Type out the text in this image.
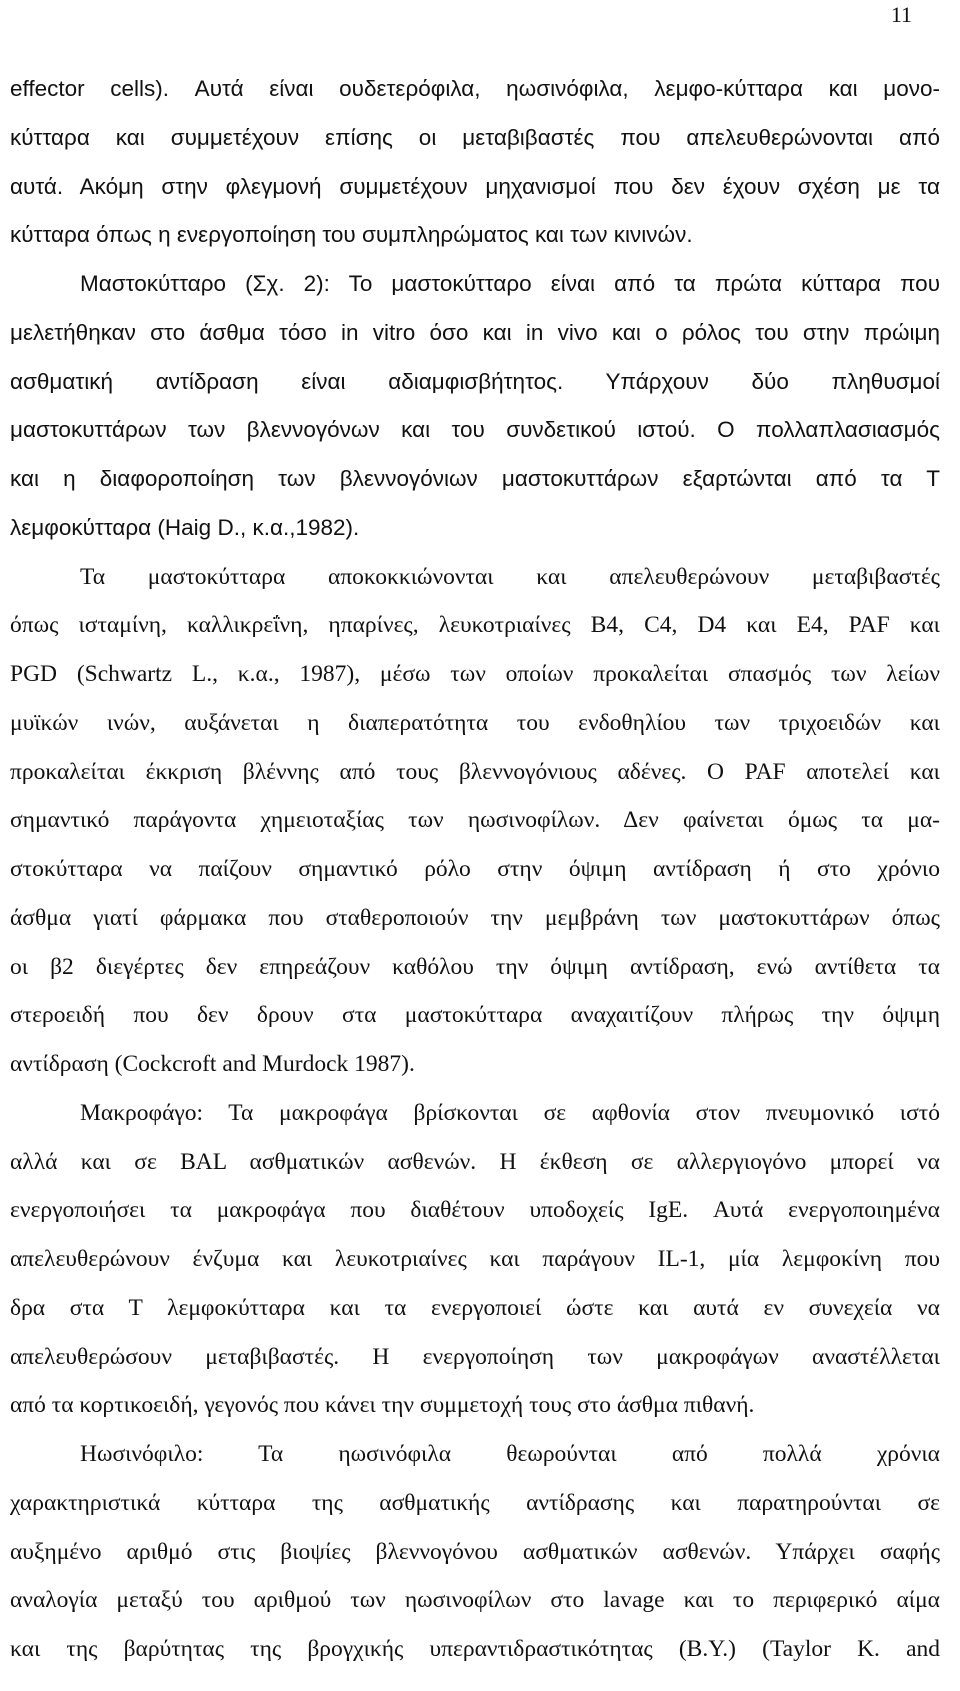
11
effector cells). Αυτά είναι ουδετερόφιλα, ηωσινόφιλα, λεμφο-κύτταρα και μονο-
κύτταρα και συμμετέχουν επίσης οι μεταβιβαστές που απελευθερώνονται από
αυτά. Ακόμη στην φλεγμονή συμμετέχουν μηχανισμοί που δεν έχουν σχέση με τα
κύτταρα όπως η ενεργοποίηση του συμπληρώματος και των κινινών.
Μαστοκύτταρο (Σχ. 2): Το μαστοκύτταρο είναι από τα πρώτα κύτταρα που
μελετήθηκαν στο άσθμα τόσο in vitro όσο και in vivo και ο ρόλος του στην πρώιμη
ασθματική αντίδραση είναι αδιαμφισβήτητος. Υπάρχουν δύο πληθυσμοί
μαστοκυττάρων των βλεννογόνων και του συνδετικού ιστού. Ο πολλαπλασιασμός
και η διαφοροποίηση των βλεννογόνιων μαστοκυττάρων εξαρτώνται από τα Τ
λεμφοκύτταρα (Haig D., κ.α.,1982).
Τα μαστοκύτταρα αποκοκκιώνονται και απελευθερώνουν μεταβιβαστές
όπως ισταμίνη, καλλικρεΐνη, ηπαρίνες, λευκοτριαίνες B4, C4, D4 και E4, PAF και
PGD (Schwartz L., κ.α., 1987), μέσω των οποίων προκαλείται σπασμός των λείων
μυϊκών ινών, αυξάνεται η διαπερατότητα του ενδοθηλίου των τριχοειδών και
προκαλείται έκκριση βλέννης από τους βλεννογόνιους αδένες. Ο PAF αποτελεί και
σημαντικό παράγοντα χημειοταξίας των ηωσινοφίλων. Δεν φαίνεται όμως τα μα-
στοκύτταρα να παίζουν σημαντικό ρόλο στην όψιμη αντίδραση ή στο χρόνιο
άσθμα γιατί φάρμακα που σταθεροποιούν την μεμβράνη των μαστοκυττάρων όπως
οι β2 διεγέρτες δεν επηρεάζουν καθόλου την όψιμη αντίδραση, ενώ αντίθετα τα
στεροειδή που δεν δρουν στα μαστοκύτταρα αναχαιτίζουν πλήρως την όψιμη
αντίδραση (Cockcroft and Murdock 1987).
Μακροφάγο: Τα μακροφάγα βρίσκονται σε αφθονία στον πνευμονικό ιστό
αλλά και σε BAL ασθματικών ασθενών. Η έκθεση σε αλλεργιογόνο μπορεί να
ενεργοποιήσει τα μακροφάγα που διαθέτουν υποδοχείς IgE. Αυτά ενεργοποιημένα
απελευθερώνουν ένζυμα και λευκοτριαίνες και παράγουν IL-1, μία λεμφοκίνη που
δρα στα Τ λεμφοκύτταρα και τα ενεργοποιεί ώστε και αυτά εν συνεχεία να
απελευθερώσουν μεταβιβαστές. Η ενεργοποίηση των μακροφάγων αναστέλλεται
από τα κορτικοειδή, γεγονός που κάνει την συμμετοχή τους στο άσθμα πιθανή.
Ηωσινόφιλο: Τα ηωσινόφιλα θεωρούνται από πολλά χρόνια
χαρακτηριστικά κύτταρα της ασθματικής αντίδρασης και παρατηρούνται σε
αυξημένο αριθμό στις βιοψίες βλεννογόνου ασθματικών ασθενών. Υπάρχει σαφής
αναλογία μεταξύ του αριθμού των ηωσινοφίλων στο lavage και το περιφερικό αίμα
και της βαρύτητας της βρογχικής υπεραντιδραστικότητας (Β.Υ.) (Taylor K. and
